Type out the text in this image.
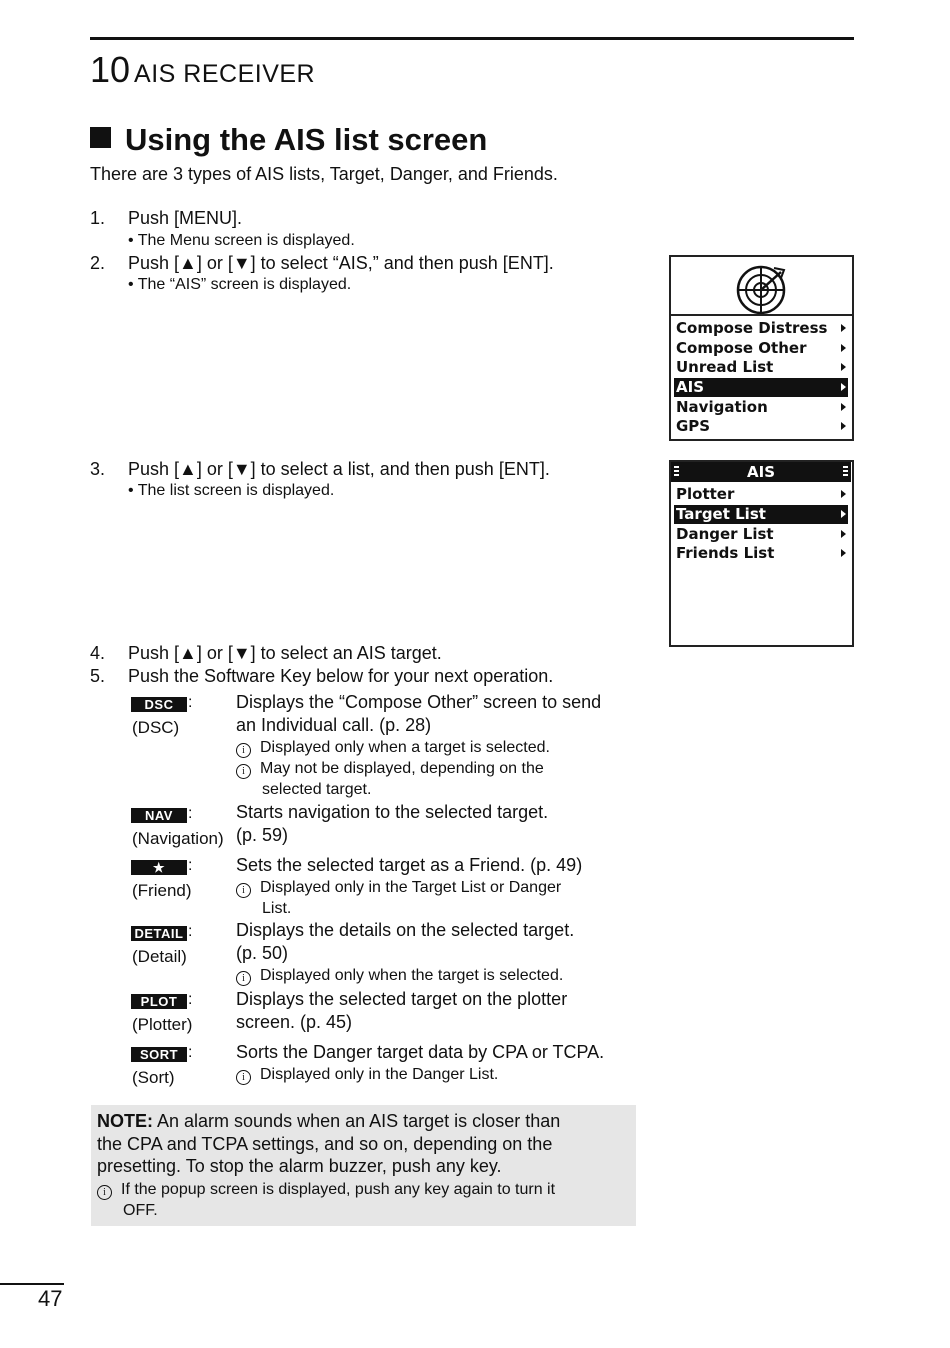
10 AIS RECEIVER
Using the AIS list screen
There are 3 types of AIS lists, Target, Danger, and Friends.
1. Push [MENU].
• The Menu screen is displayed.
2. Push [▲] or [▼] to select “AIS,” and then push [ENT].
• The “AIS” screen is displayed.
Compose Distress
Compose Other
Unread List
AIS
Navigation
GPS
3. Push [▲] or [▼] to select a list, and then push [ENT].
• The list screen is displayed.
AIS
Plotter
Target List
Danger List
Friends List
4. Push [▲] or [▼] to select an AIS target.
5. Push the Software Key below for your next operation.
DSC :
(DSC)
Displays the “Compose Other” screen to send
an Individual call. (p. 28)
i Displayed only when a target is selected.
i May not be displayed, depending on the
selected target.
NAV :
(Navigation)
Starts navigation to the selected target.
(p. 59)
★	:
(Friend)
Sets the selected target as a Friend. (p. 49)
i Displayed only in the Target List or Danger
List.
DETAIL :
(Detail)
Displays the details on the selected target.
(p. 50)
i Displayed only when the target is selected.
PLOT :
(Plotter)
Displays the selected target on the plotter
screen. (p. 45)
SORT :
(Sort)
Sorts the Danger target data by CPA or TCPA.
i Displayed only in the Danger List.
NOTE: An alarm sounds when an AIS target is closer than
the CPA and TCPA settings, and so on, depending on the
presetting. To stop the alarm buzzer, push any key.
i If the popup screen is displayed, push any key again to turn it
OFF.
47
